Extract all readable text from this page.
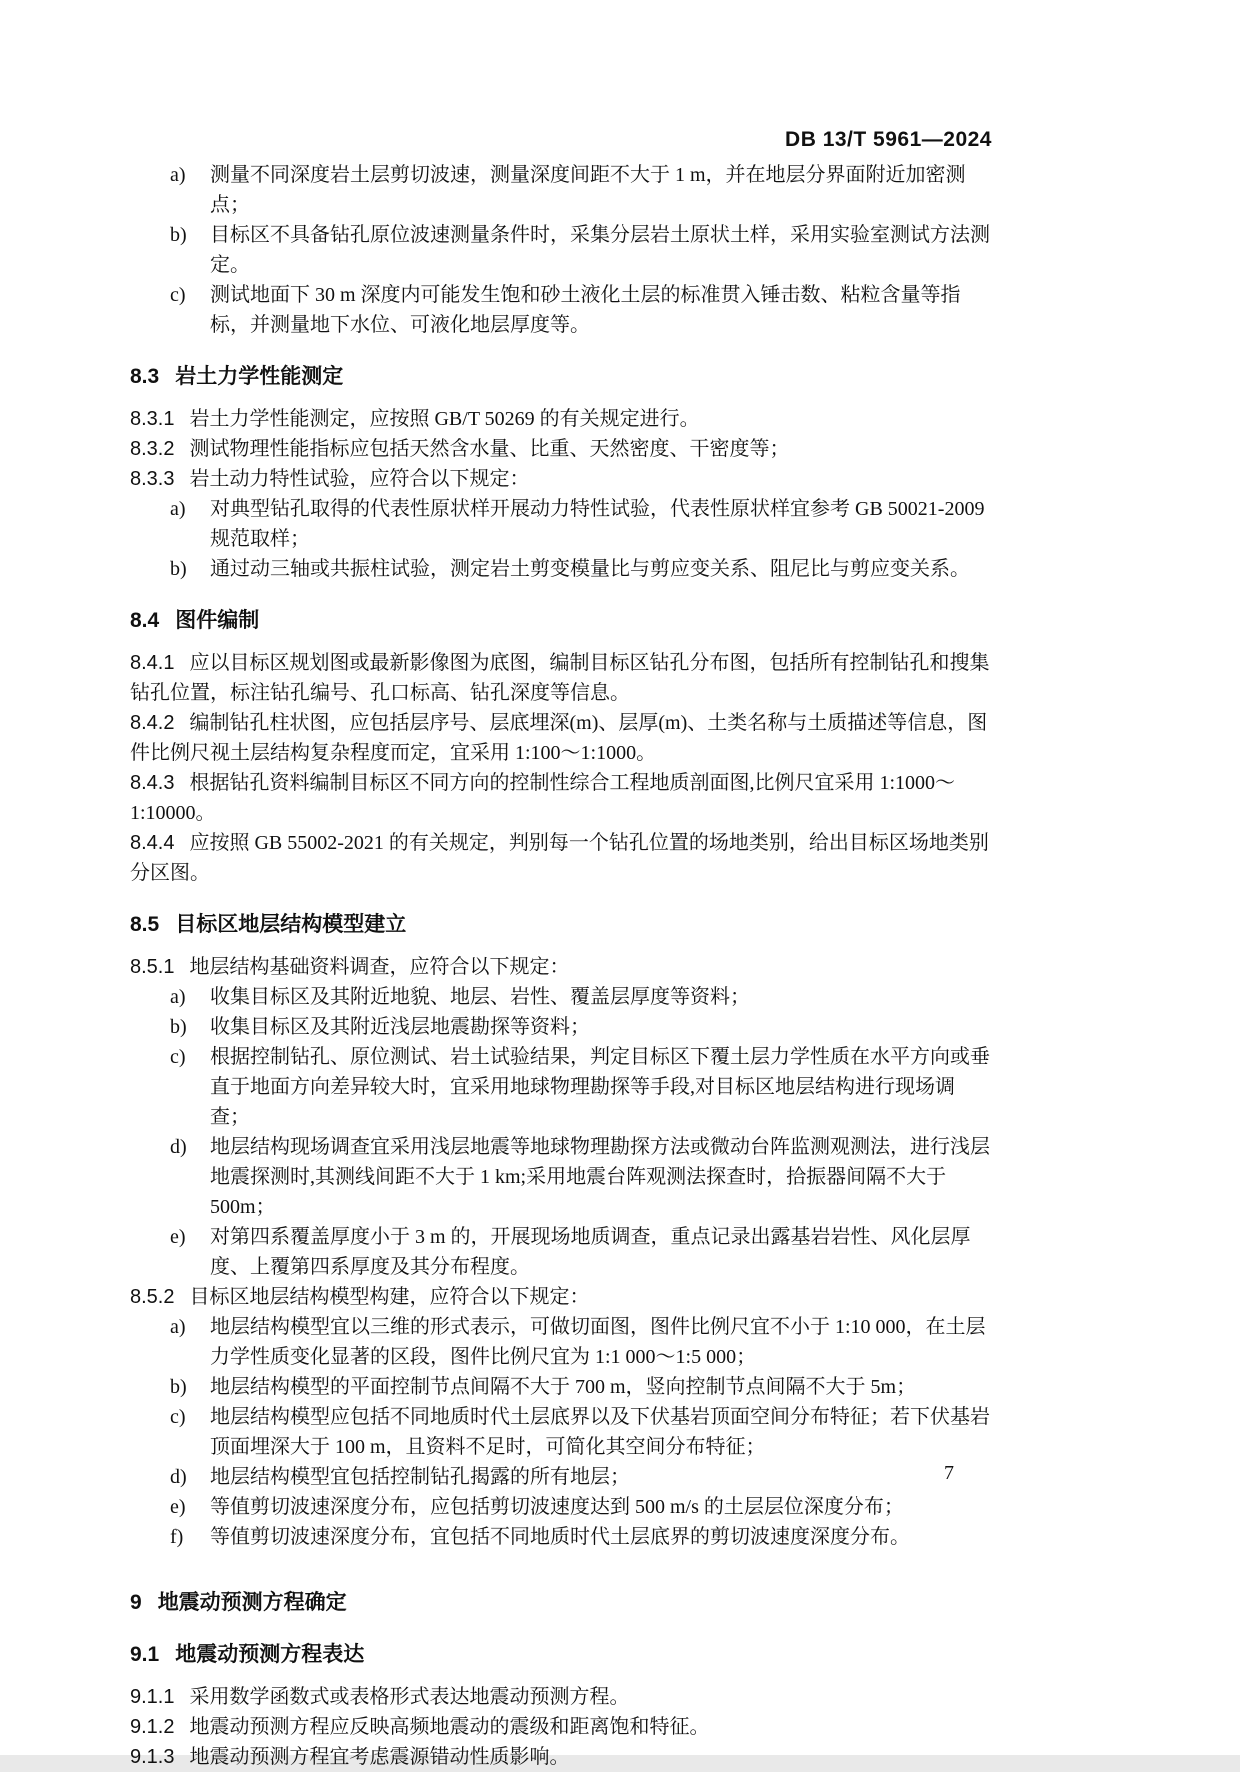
DB 13/T 5961—2024

a) 测量不同深度岩土层剪切波速，测量深度间距不大于 1 m，并在地层分界面附近加密测点；

b) 目标区不具备钻孔原位波速测量条件时，采集分层岩土原状土样，采用实验室测试方法测定。

c) 测试地面下 30 m 深度内可能发生饱和砂土液化土层的标准贯入锤击数、粘粒含量等指标，并测量地下水位、可液化地层厚度等。

8.3 岩土力学性能测定

8.3.1 岩土力学性能测定，应按照 GB/T 50269 的有关规定进行。

8.3.2 测试物理性能指标应包括天然含水量、比重、天然密度、干密度等；

8.3.3 岩土动力特性试验，应符合以下规定：

a) 对典型钻孔取得的代表性原状样开展动力特性试验，代表性原状样宜参考 GB 50021-2009 规范取样；

b) 通过动三轴或共振柱试验，测定岩土剪变模量比与剪应变关系、阻尼比与剪应变关系。

8.4 图件编制

8.4.1 应以目标区规划图或最新影像图为底图，编制目标区钻孔分布图，包括所有控制钻孔和搜集钻孔位置，标注钻孔编号、孔口标高、钻孔深度等信息。

8.4.2 编制钻孔柱状图，应包括层序号、层底埋深(m)、层厚(m)、土类名称与土质描述等信息，图件比例尺视土层结构复杂程度而定，宜采用 1:100～1:1000。

8.4.3 根据钻孔资料编制目标区不同方向的控制性综合工程地质剖面图,比例尺宜采用 1:1000～1:10000。

8.4.4 应按照 GB 55002-2021 的有关规定，判别每一个钻孔位置的场地类别，给出目标区场地类别分区图。

8.5 目标区地层结构模型建立

8.5.1 地层结构基础资料调查，应符合以下规定：

a) 收集目标区及其附近地貌、地层、岩性、覆盖层厚度等资料；

b) 收集目标区及其附近浅层地震勘探等资料；

c) 根据控制钻孔、原位测试、岩土试验结果，判定目标区下覆土层力学性质在水平方向或垂直于地面方向差异较大时，宜采用地球物理勘探等手段,对目标区地层结构进行现场调查；

d) 地层结构现场调查宜采用浅层地震等地球物理勘探方法或微动台阵监测观测法，进行浅层地震探测时,其测线间距不大于 1 km;采用地震台阵观测法探查时，拾振器间隔不大于 500m；

e) 对第四系覆盖厚度小于 3 m 的，开展现场地质调查，重点记录出露基岩岩性、风化层厚度、上覆第四系厚度及其分布程度。

8.5.2 目标区地层结构模型构建，应符合以下规定：

a) 地层结构模型宜以三维的形式表示，可做切面图，图件比例尺宜不小于 1:10 000，在土层力学性质变化显著的区段，图件比例尺宜为 1:1 000～1:5 000；

b) 地层结构模型的平面控制节点间隔不大于 700 m，竖向控制节点间隔不大于 5m；

c) 地层结构模型应包括不同地质时代土层底界以及下伏基岩顶面空间分布特征；若下伏基岩顶面埋深大于 100 m，且资料不足时，可简化其空间分布特征；

d) 地层结构模型宜包括控制钻孔揭露的所有地层；

e) 等值剪切波速深度分布，应包括剪切波速度达到 500 m/s 的土层层位深度分布；

f) 等值剪切波速深度分布，宜包括不同地质时代土层底界的剪切波速度深度分布。

9 地震动预测方程确定
9.1 地震动预测方程表达

9.1.1 采用数学函数式或表格形式表达地震动预测方程。

9.1.2 地震动预测方程应反映高频地震动的震级和距离饱和特征。

9.1.3 地震动预测方程宜考虑震源错动性质影响。

7
